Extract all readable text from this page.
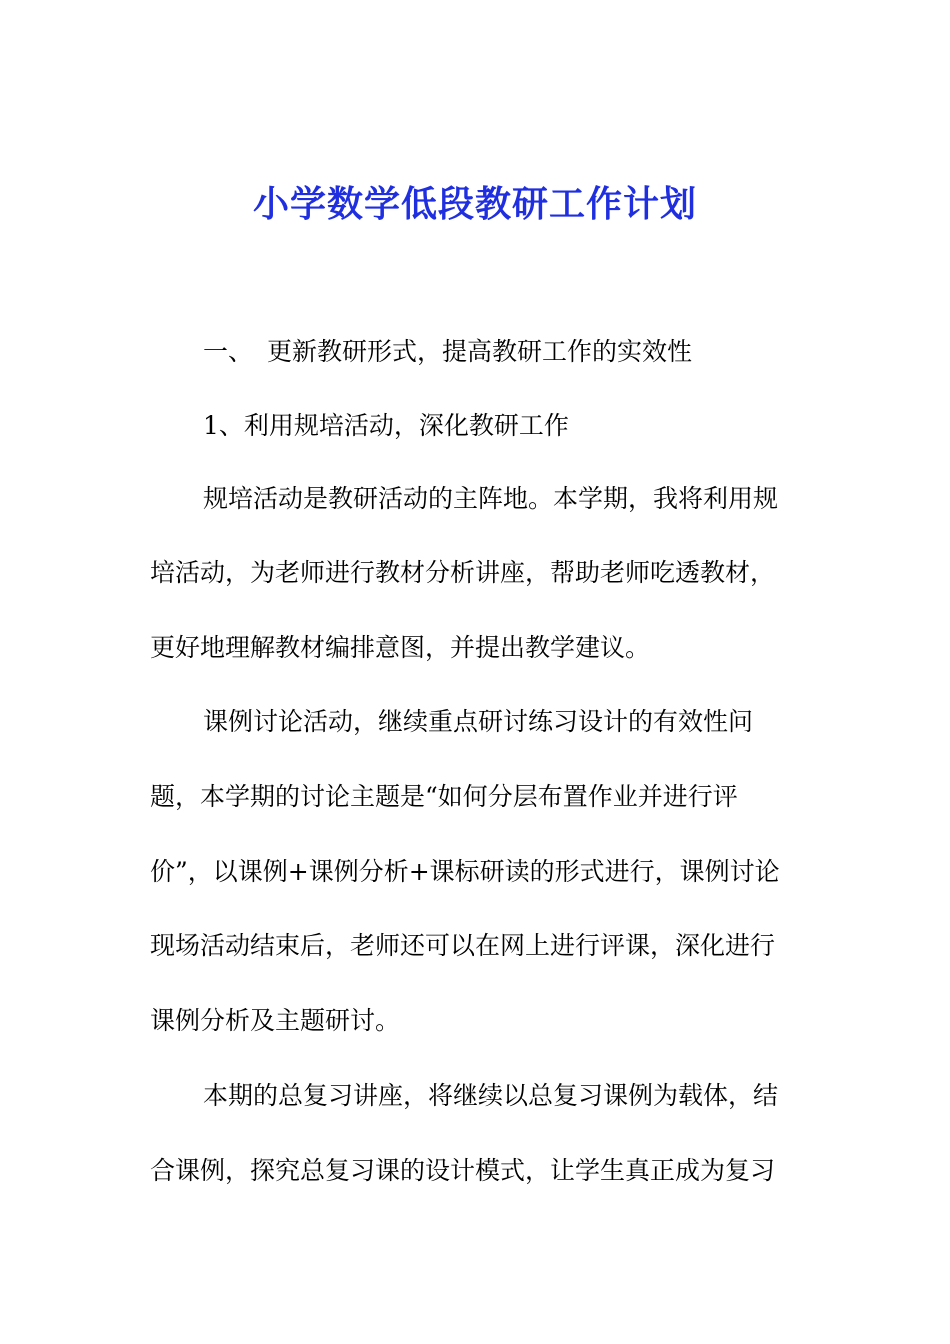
小学数学低段教研工作计划

一、 更新教研形式，提高教研工作的实效性

1、利用规培活动，深化教研工作

规培活动是教研活动的主阵地。本学期，我将利用规

培活动，为老师进行教材分析讲座，帮助老师吃透教材，

更好地理解教材编排意图，并提出教学建议。

课例讨论活动，继续重点研讨练习设计的有效性问

题，本学期的讨论主题是“如何分层布置作业并进行评

价”，以课例+课例分析+课标研读的形式进行，课例讨论

现场活动结束后，老师还可以在网上进行评课，深化进行

课例分析及主题研讨。

本期的总复习讲座，将继续以总复习课例为载体，结

合课例，探究总复习课的设计模式，让学生真正成为复习
